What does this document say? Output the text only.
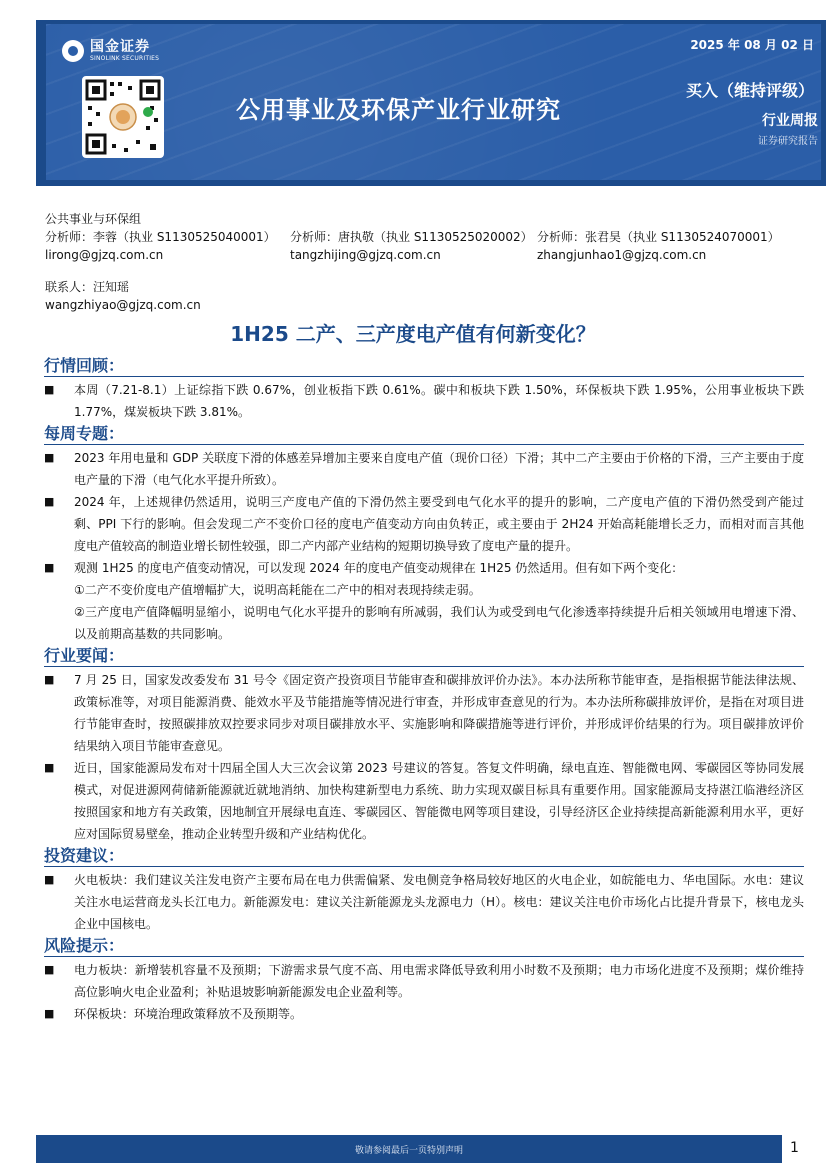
国金证券
SINOLINK SECURITIES
公用事业及环保产业行业研究
2025 年 08 月 02 日
买入（维持评级）
行业周报
证券研究报告
公共事业与环保组
分析师：李蓉（执业 S1130525040001） 分析师：唐执敬（执业 S1130525020002） 分析师：张君昊（执业 S1130524070001）
lirong@gjzq.com.cn	tangzhijing@gjzq.com.cn	zhangjunhao1@gjzq.com.cn
联系人：汪知瑶
wangzhiyao@gjzq.com.cn
1H25 二产、三产度电产值有何新变化？
行情回顾：
■ 本周（7.21-8.1）上证综指下跌 0.67%，创业板指下跌 0.61%。碳中和板块下跌 1.50%，环保板块下跌 1.95%，公用事业板块下跌 1.77%，煤炭板块下跌 3.81%。
每周专题：
■ 2023 年用电量和 GDP 关联度下滑的体感差异增加主要来自度电产值（现价口径）下滑；其中二产主要由于价格的下滑，三产主要由于度电产量的下滑（电气化水平提升所致）。
■ 2024 年，上述规律仍然适用，说明三产度电产值的下滑仍然主要受到电气化水平的提升的影响，二产度电产值的下滑仍然受到产能过剩、PPI 下行的影响。但会发现二产不变价口径的度电产值变动方向由负转正，或主要由于 2H24 开始高耗能增长乏力，而相对而言其他度电产值较高的制造业增长韧性较强，即二产内部产业结构的短期切换导致了度电产量的提升。
■ 观测 1H25 的度电产值变动情况，可以发现 2024 年的度电产值变动规律在 1H25 仍然适用。但有如下两个变化：
①二产不变价度电产值增幅扩大，说明高耗能在二产中的相对表现持续走弱。
②三产度电产值降幅明显缩小，说明电气化水平提升的影响有所减弱，我们认为或受到电气化渗透率持续提升后相关领域用电增速下滑、以及前期高基数的共同影响。
行业要闻：
■ 7 月 25 日，国家发改委发布 31 号令《固定资产投资项目节能审查和碳排放评价办法》。本办法所称节能审查，是指根据节能法律法规、政策标准等，对项目能源消费、能效水平及节能措施等情况进行审查，并形成审查意见的行为。本办法所称碳排放评价，是指在对项目进行节能审查时，按照碳排放双控要求同步对项目碳排放水平、实施影响和降碳措施等进行评价，并形成评价结果的行为。项目碳排放评价结果纳入项目节能审查意见。
■ 近日，国家能源局发布对十四届全国人大三次会议第 2023 号建议的答复。答复文件明确，绿电直连、智能微电网、零碳园区等协同发展模式，对促进源网荷储新能源就近就地消纳、加快构建新型电力系统、助力实现双碳目标具有重要作用。国家能源局支持湛江临港经济区按照国家和地方有关政策，因地制宜开展绿电直连、零碳园区、智能微电网等项目建设，引导经济区企业持续提高新能源利用水平，更好应对国际贸易壁垒，推动企业转型升级和产业结构优化。
投资建议：
■ 火电板块：我们建议关注发电资产主要布局在电力供需偏紧、发电侧竞争格局较好地区的火电企业，如皖能电力、华电国际。水电：建议关注水电运营商龙头长江电力。新能源发电：建议关注新能源龙头龙源电力（H）。核电：建议关注电价市场化占比提升背景下，核电龙头企业中国核电。
风险提示：
■ 电力板块：新增装机容量不及预期；下游需求景气度不高、用电需求降低导致利用小时数不及预期；电力市场化进度不及预期；煤价维持高位影响火电企业盈利；补贴退坡影响新能源发电企业盈利等。
■ 环保板块：环境治理政策释放不及预期等。
敬请参阅最后一页特别声明	1
